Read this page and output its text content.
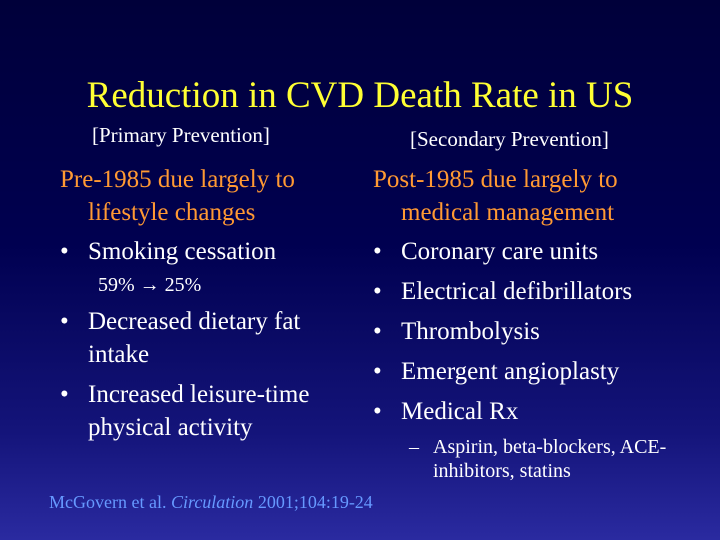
Reduction in CVD Death Rate in US
[Primary Prevention]	[Secondary Prevention]

Pre-1985 due largely to lifestyle changes

• Smoking cessation
59% → 25%
• Decreased dietary fat intake
• Increased leisure-time physical activity

Post-1985 due largely to medical management

• Coronary care units
• Electrical defibrillators
• Thrombolysis
• Emergent angioplasty
• Medical Rx
– Aspirin, beta-blockers, ACE-inhibitors, statins
McGovern et al. Circulation 2001;104:19-24
